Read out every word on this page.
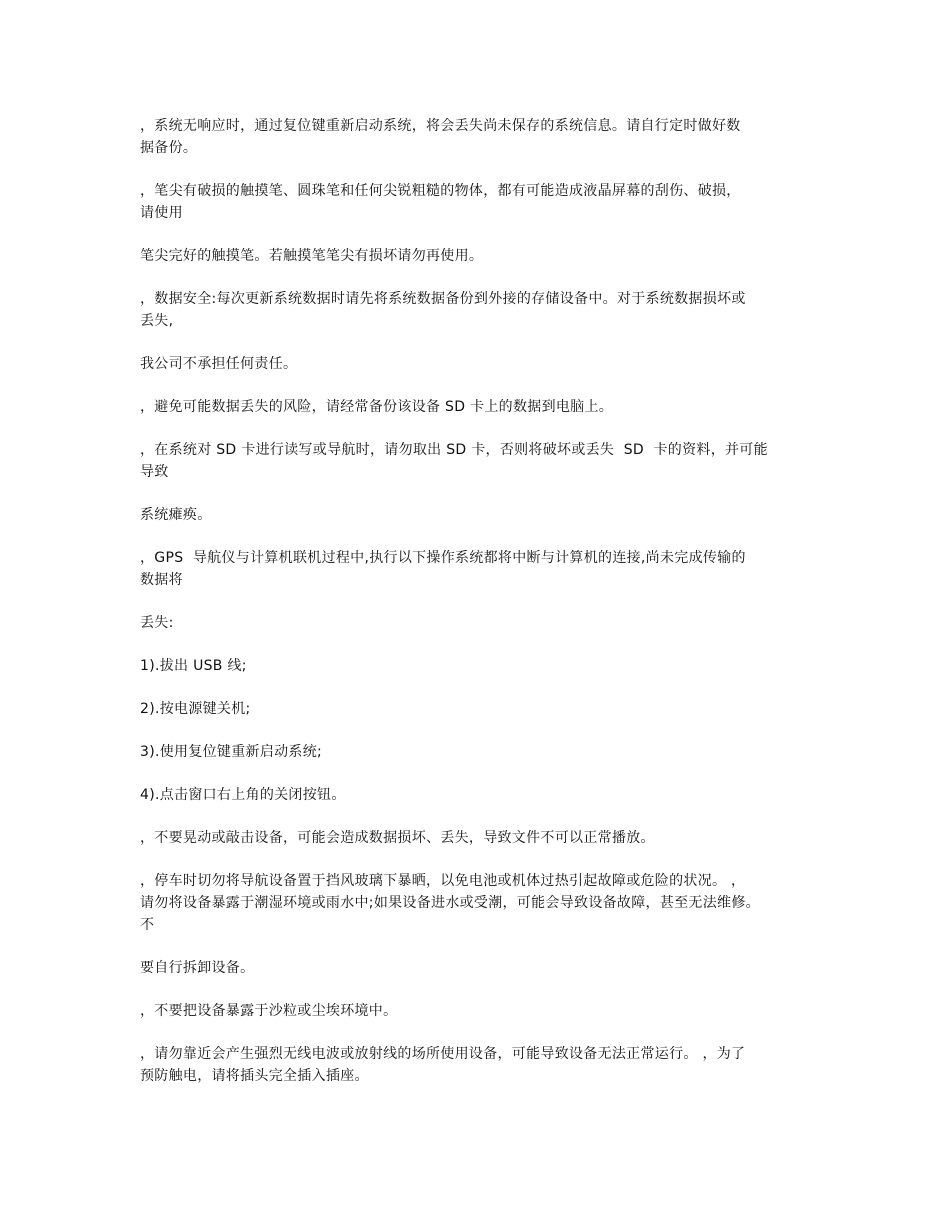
，系统无响应时，通过复位键重新启动系统，将会丢失尚未保存的系统信息。请自行定时做好数
据备份。

，笔尖有破损的触摸笔、圆珠笔和任何尖锐粗糙的物体，都有可能造成液晶屏幕的刮伤、破损，
请使用

笔尖完好的触摸笔。若触摸笔笔尖有损坏请勿再使用。

，数据安全:每次更新系统数据时请先将系统数据备份到外接的存储设备中。对于系统数据损坏或
丢失,

我公司不承担任何责任。

，避免可能数据丢失的风险，请经常备份该设备 SD 卡上的数据到电脑上。

，在系统对 SD 卡进行读写或导航时，请勿取出 SD 卡，否则将破坏或丢失  SD  卡的资料，并可能
导致

系统瘫痪。

，GPS  导航仪与计算机联机过程中,执行以下操作系统都将中断与计算机的连接,尚未完成传输的
数据将

丢失:

1).拔出 USB 线;

2).按电源键关机;

3).使用复位键重新启动系统;

4).点击窗口右上角的关闭按钮。

，不要晃动或敲击设备，可能会造成数据损坏、丢失，导致文件不可以正常播放。

，停车时切勿将导航设备置于挡风玻璃下暴晒，以免电池或机体过热引起故障或危险的状况。 ，
请勿将设备暴露于潮湿环境或雨水中;如果设备进水或受潮，可能会导致设备故障，甚至无法维修。
不

要自行拆卸设备。

，不要把设备暴露于沙粒或尘埃环境中。

，请勿靠近会产生强烈无线电波或放射线的场所使用设备，可能导致设备无法正常运行。 ，为了
预防触电，请将插头完全插入插座。
